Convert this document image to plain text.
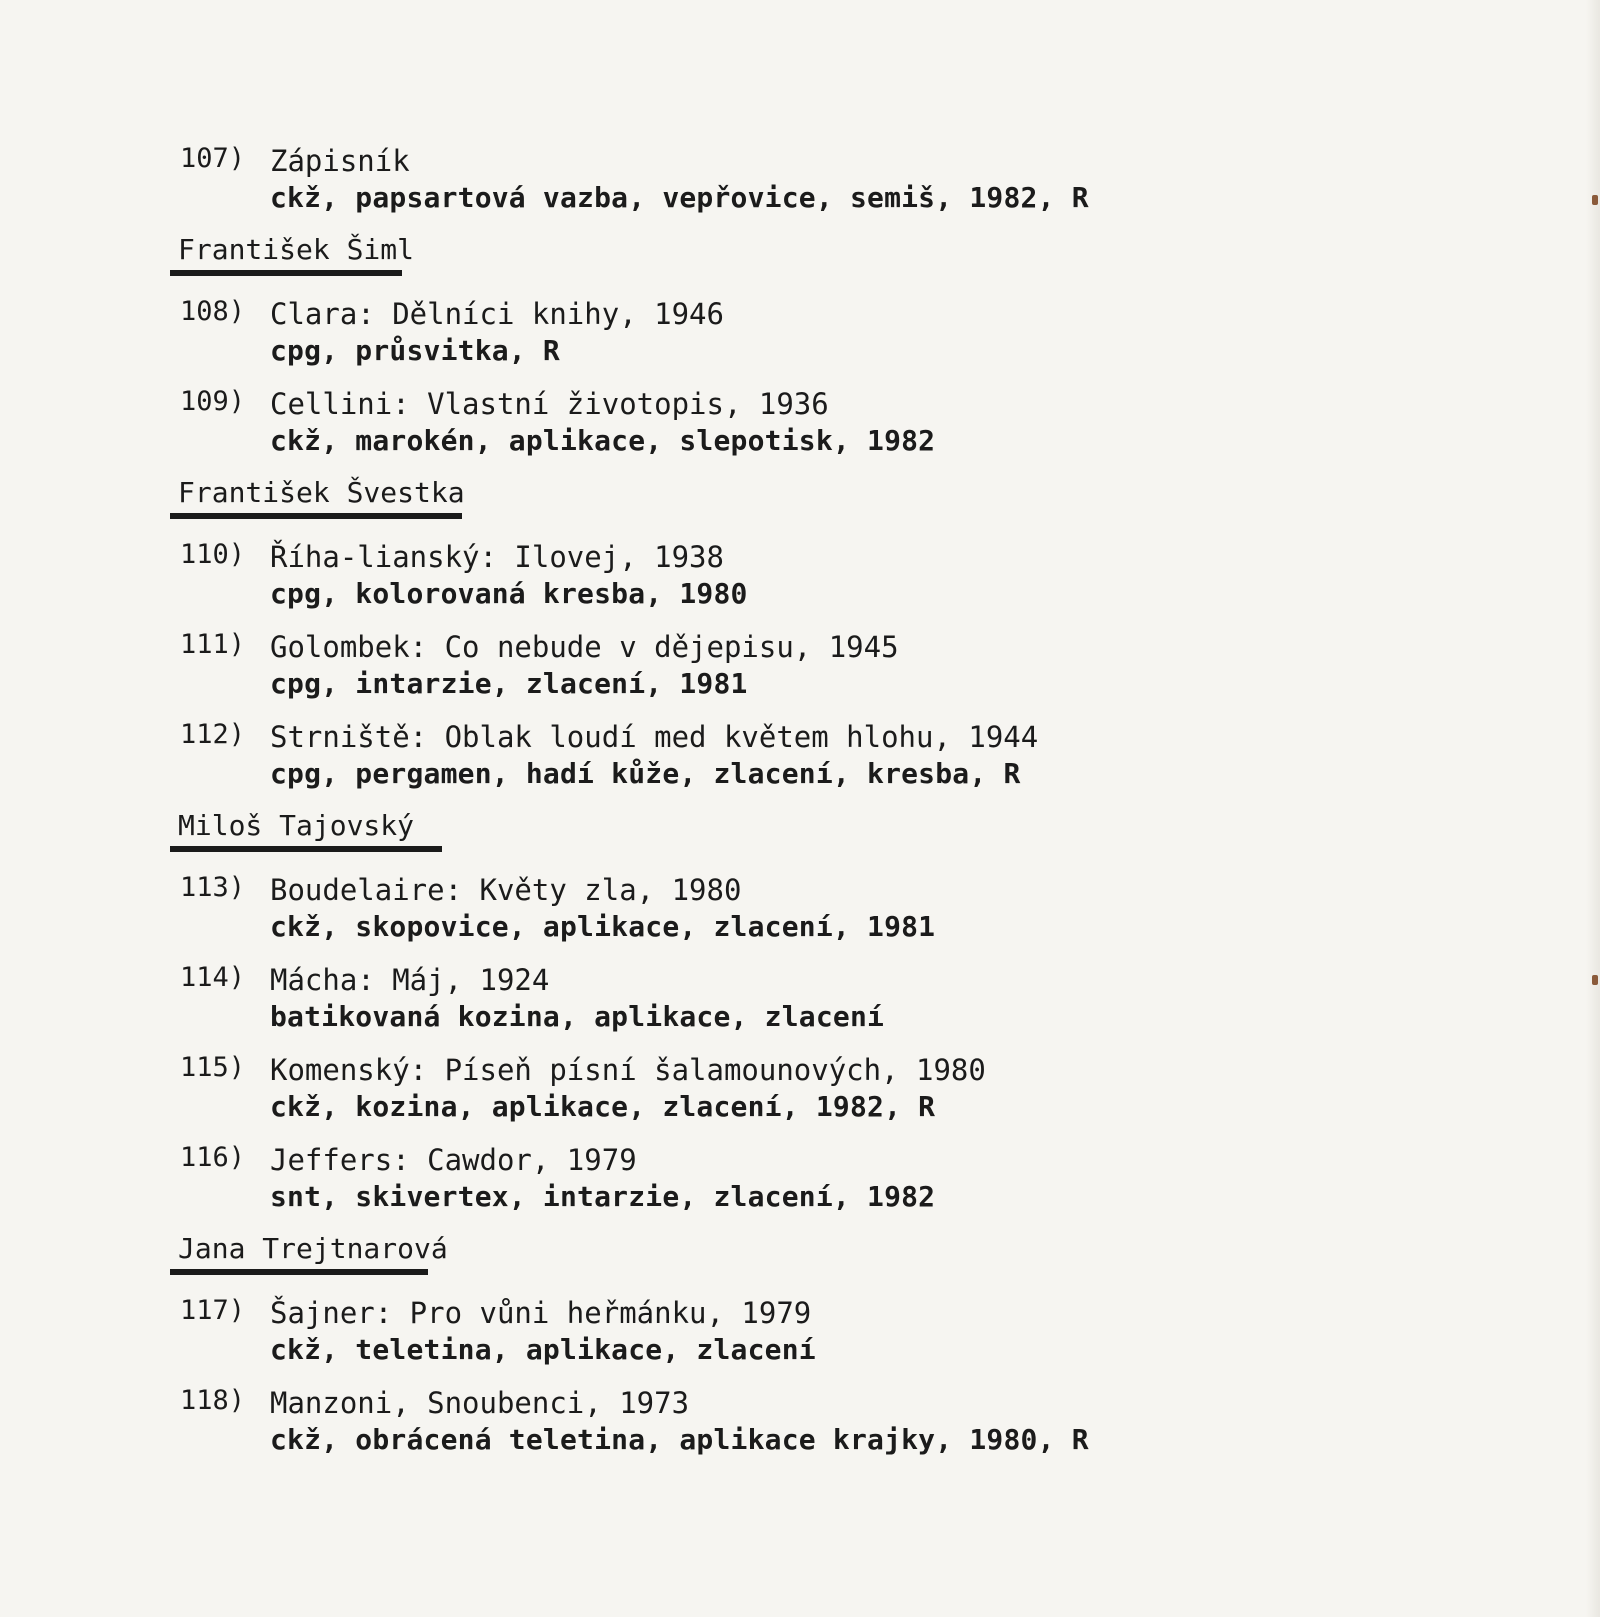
107) Zápisník
ckž, papsartová vazba, vepřovice, semiš, 1982, R
František Šiml
108) Clara: Dělníci knihy, 1946
cpg, průsvitka, R
109) Cellini: Vlastní životopis, 1936
ckž, marokén, aplikace, slepotisk, 1982
František Švestka
110) Říha-lianský: Ilovej, 1938
cpg, kolorovaná kresba, 1980
111) Golombek: Co nebude v dějepisu, 1945
cpg, intarzie, zlacení, 1981
112) Strniště: Oblak loudí med květem hlohu, 1944
cpg, pergamen, hadí kůže, zlacení, kresba, R
Miloš Tajovský
113) Boudelaire: Květy zla, 1980
ckž, skopovice, aplikace, zlacení, 1981
114) Mácha: Máj, 1924
batikovaná kozina, aplikace, zlacení
115) Komenský: Píseň písní šalamounových, 1980
ckž, kozina, aplikace, zlacení, 1982, R
116) Jeffers: Cawdor, 1979
snt, skivertex, intarzie, zlacení, 1982
Jana Trejtnarová
117) Šajner: Pro vůni heřmánku, 1979
ckž, teletina, aplikace, zlacení
118) Manzoni, Snoubenci, 1973
ckž, obrácená teletina, aplikace krajky, 1980, R
